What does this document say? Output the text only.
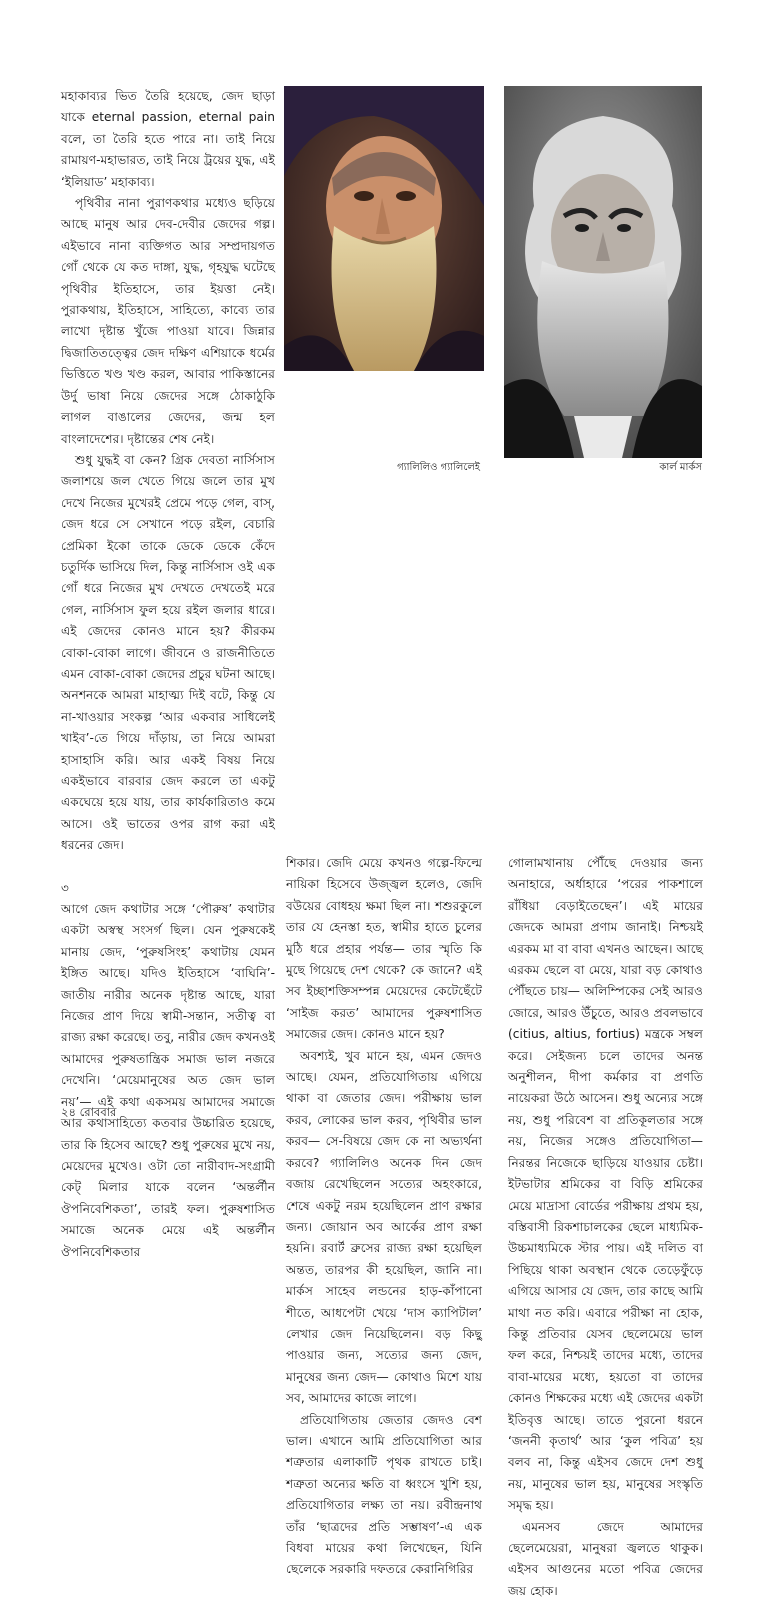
মহাকাব্যর ভিত তৈরি হয়েছে, জেদ ছাড়া যাকে eternal passion, eternal pain বলে, তা তৈরি হতে পারে না। তাই নিয়ে রামায়ণ-মহাভারত, তাই নিয়ে ট্রয়ের যুদ্ধ, এই ‘ইলিয়াড’ মহাকাব্য।

পৃথিবীর নানা পুরাণকথার মধ্যেও ছড়িয়ে আছে মানুষ আর দেব-দেবীর জেদের গল্প। এইভাবে নানা ব্যক্তিগত আর সম্প্রদায়গত গোঁ থেকে যে কত দাঙ্গা, যুদ্ধ, গৃহযুদ্ধ ঘটেছে পৃথিবীর ইতিহাসে, তার ইয়ত্তা নেই। পুরাকথায়, ইতিহাসে, সাহিত্যে, কাব্যে তার লাখো দৃষ্টান্ত খুঁজে পাওয়া যাবে। জিন্নার দ্বিজাতিতত্ত্বের জেদ দক্ষিণ এশিয়াকে ধর্মের ভিত্তিতে খণ্ড খণ্ড করল, আবার পাকিস্তানের উর্দু ভাষা নিয়ে জেদের সঙ্গে ঠোকাঠুকি লাগল বাঙালের জেদের, জন্ম হল বাংলাদেশের। দৃষ্টান্তের শেষ নেই।

শুধু যুদ্ধই বা কেন? গ্রিক দেবতা নার্সিসাস জলাশয়ে জল খেতে গিয়ে জলে তার মুখ দেখে নিজের মুখেরই প্রেমে পড়ে গেল, বাস্, জেদ ধরে সে সেখানে পড়ে রইল, বেচারি প্রেমিকা ইকো তাকে ডেকে ডেকে কেঁদে চতুর্দিক ভাসিয়ে দিল, কিন্তু নার্সিসাস ওই এক গোঁ ধরে নিজের মুখ দেখতে দেখতেই মরে গেল, নার্সিসাস ফুল হয়ে রইল জলার ধারে। এই জেদের কোনও মানে হয়? কীরকম বোকা-বোকা লাগে। জীবনে ও রাজনীতিতে এমন বোকা-বোকা জেদের প্রচুর ঘটনা আছে। অনশনকে আমরা মাহাত্ম্য দিই বটে, কিন্তু যে না-খাওয়ার সংকল্প ‘আর একবার সাধিলেই খাইব’-তে গিয়ে দাঁড়ায়, তা নিয়ে আমরা হাসাহাসি করি। আর একই বিষয় নিয়ে একইভাবে বারবার জেদ করলে তা একটু একঘেয়ে হয়ে যায়, তার কার্যকারিতাও কমে আসে। ওই ভাতের ওপর রাগ করা এই ধরনের জেদ।

৩

আগে জেদ কথাটার সঙ্গে ‘পৌরুষ’ কথাটার একটা অস্বস্থ সংসর্গ ছিল। যেন পুরুষকেই মানায় জেদ, ‘পুরুষসিংহ’ কথাটায় যেমন ইঙ্গিত আছে। যদিও ইতিহাসে ‘বাঘিনি’-জাতীয় নারীর অনেক দৃষ্টান্ত আছে, যারা নিজের প্রাণ দিয়ে স্বামী-সন্তান, সতীত্ব বা রাজ্য রক্ষা করেছে। তবু, নারীর জেদ কখনওই আমাদের পুরুষতান্ত্রিক সমাজ ভাল নজরে দেখেনি। ‘মেয়েমানুষের অত জেদ ভাল নয়’— এই কথা একসময় আমাদের সমাজে আর কথাসাহিত্যে কতবার উচ্চারিত হয়েছে, তার কি হিসেব আছে? শুধু পুরুষের মুখে নয়, মেয়েদের মুখেও। ওটা তো নারীবাদ-সংগ্রামী কেট্ মিলার যাকে বলেন ‘অন্তর্লীন ঔপনিবেশিকতা’, তারই ফল। পুরুষশাসিত সমাজে অনেক মেয়ে এই অন্তর্লীন ঔপনিবেশিকতার

গ্যালিলিও গ্যালিলেই	কার্ল মার্কস

শিকার। জেদি মেয়ে কখনও গল্পে-ফিল্মে নায়িকা হিসেবে উজ্জ্বল হলেও, জেদি বউয়ের বোধহয় ক্ষমা ছিল না। শশুরকুলে তার যে হেনস্তা হত, স্বামীর হাতে চুলের মুঠি ধরে প্রহার পর্যন্ত— তার স্মৃতি কি মুছে গিয়েছে দেশ থেকে? কে জানে? এই সব ইচ্ছাশক্তিসম্পন্ন মেয়েদের কেটেছেঁটে ‘সাইজ করত’ আমাদের পুরুষশাসিত সমাজের জেদ। কোনও মানে হয়?

অবশ্যই, খুব মানে হয়, এমন জেদও আছে। যেমন, প্রতিযোগিতায় এগিয়ে থাকা বা জেতার জেদ। পরীক্ষায় ভাল করব, লোকের ভাল করব, পৃথিবীর ভাল করব— সে-বিষয়ে জেদ কে না অভ্যর্থনা করবে? গ্যালিলিও অনেক দিন জেদ বজায় রেখেছিলেন সত্যের অহংকারে, শেষে একটু নরম হয়েছিলেন প্রাণ রক্ষার জন্য। জোয়ান অব আর্কের প্রাণ রক্ষা হয়নি। রবার্ট ব্রুসের রাজ্য রক্ষা হয়েছিল অন্তত, তারপর কী হয়েছিল, জানি না। মার্কস সাহেব লন্ডনের হাড়-কাঁপানো শীতে, আধপেটা খেয়ে ‘দাস ক্যাপিটাল’ লেখার জেদ নিয়েছিলেন। বড় কিছু পাওয়ার জন্য, সত্যের জন্য জেদ, মানুষের জন্য জেদ— কোথাও মিশে যায় সব, আমাদের কাজে লাগে।

প্রতিযোগিতায় জেতার জেদও বেশ ভাল। এখানে আমি প্রতিযোগিতা আর শত্রুতার এলাকাটি পৃথক রাখতে চাই। শত্রুতা অন্যের ক্ষতি বা ধ্বংসে খুশি হয়, প্রতিযোগিতার লক্ষ্য তা নয়। রবীন্দ্রনাথ তাঁর ‘ছাত্রদের প্রতি সম্ভাষণ’-এ এক বিধবা মায়ের কথা লিখেছেন, যিনি ছেলেকে সরকারি দফতরে কেরানিগিরির

গোলামখানায় পৌঁছে দেওয়ার জন্য অনাহারে, অর্ধাহারে ‘পরের পাকশালে রাঁধিয়া বেড়াইতেছেন’। এই মায়ের জেদকে আমরা প্রণাম জানাই। নিশ্চয়ই এরকম মা বা বাবা এখনও আছেন। আছে এরকম ছেলে বা মেয়ে, যারা বড় কোথাও পৌঁছতে চায়— অলিম্পিকের সেই আরও জোরে, আরও উঁচুতে, আরও প্রবলভাবে (citius, altius, fortius) মন্ত্রকে সম্বল করে। সেইজন্য চলে তাদের অনন্ত অনুশীলন, দীপা কর্মকার বা প্রণতি নায়েকরা উঠে আসেন। শুধু অন্যের সঙ্গে নয়, শুধু পরিবেশ বা প্রতিকূলতার সঙ্গে নয়, নিজের সঙ্গেও প্রতিযোগিতা— নিরন্তর নিজেকে ছাড়িয়ে যাওয়ার চেষ্টা। ইটভাটার শ্রমিকের বা বিড়ি শ্রমিকের মেয়ে মাদ্রাসা বোর্ডের পরীক্ষায় প্রথম হয়, বস্তিবাসী রিকশাচালকের ছেলে মাধ্যমিক-উচ্চমাধ্যমিকে স্টার পায়। এই দলিত বা পিছিয়ে থাকা অবস্থান থেকে তেড়েফুঁড়ে এগিয়ে আসার যে জেদ, তার কাছে আমি মাথা নত করি। এবারে পরীক্ষা না হোক, কিন্তু প্রতিবার যেসব ছেলেমেয়ে ভাল ফল করে, নিশ্চয়ই তাদের মধ্যে, তাদের বাবা-মায়ের মধ্যে, হয়তো বা তাদের কোনও শিক্ষকের মধ্যে এই জেদের একটা ইতিবৃত্ত আছে। তাতে পুরনো ধরনে ‘জননী কৃতার্থ’ আর ‘কুল পবিত্র’ হয় বলব না, কিন্তু এইসব জেদে দেশ শুধু নয়, মানুষের ভাল হয়, মানুষের সংস্কৃতি সমৃদ্ধ হয়।

এমনসব জেদে আমাদের ছেলেমেয়েরা, মানুষরা জ্বলতে থাকুক। এইসব আগুনের মতো পবিত্র জেদের জয় হোক।

২৪ রোববার
